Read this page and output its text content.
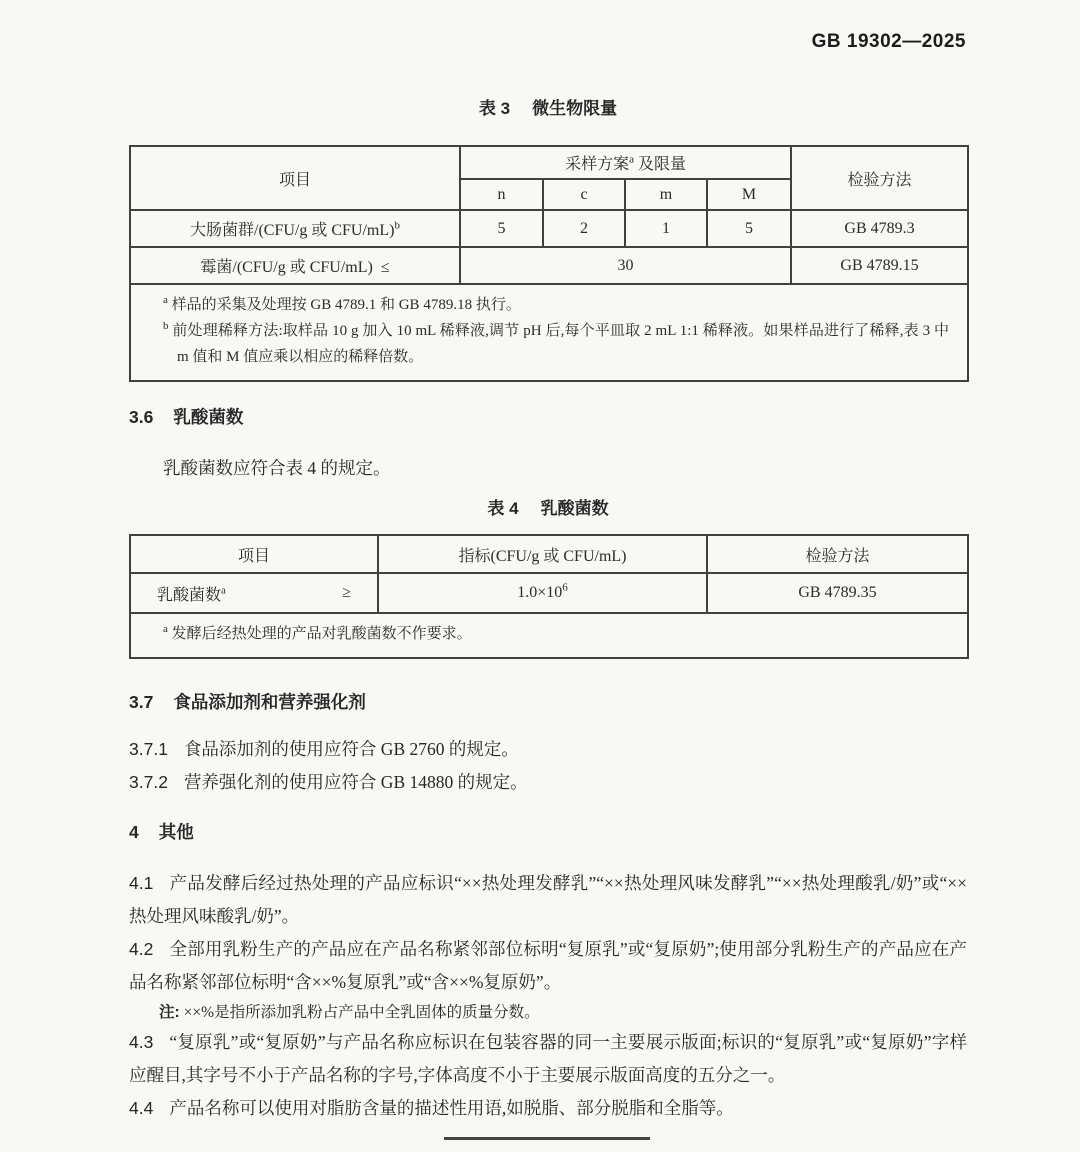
GB 19302—2025
表 3 微生物限量
项目	采样方案$^a$ 及限量				检验方法
	n	c	m	M	
大肠菌群/(CFU/g 或 CFU/mL)$^b$	5	2	1	5	GB 4789.3
霉菌/(CFU/g 或 CFU/mL) ≤	30				GB 4789.15

$^a$ 样品的采集及处理按 GB 4789.1 和 GB 4789.18 执行。
$^b$ 前处理稀释方法:取样品 10 g 加入 10 mL 稀释液,调节 pH 后,每个平皿取 2 mL 1:1 稀释液。如果样品进行了稀释,表 3 中 m 值和 M 值应乘以相应的稀释倍数。					
3.6 乳酸菌数

乳酸菌数应符合表 4 的规定。

表 4 乳酸菌数
项目	指标(CFU/g 或 CFU/mL)	检验方法

乳酸菌数$^a$ ≥	$1.0\times 10^6$	GB 4789.35

$^a$ 发酵后经热处理的产品对乳酸菌数不作要求。		
3.7 食品添加剂和营养强化剂

3.7.1 食品添加剂的使用应符合 GB 2760 的规定。

3.7.2 营养强化剂的使用应符合 GB 14880 的规定。

4 其他

4.1 产品发酵后经过热处理的产品应标识“××热处理发酵乳”“××热处理风味发酵乳”“××热处理酸乳/奶”或“××热处理风味酸乳/奶”。

4.2 全部用乳粉生产的产品应在产品名称紧邻部位标明“复原乳”或“复原奶”;使用部分乳粉生产的产品应在产品名称紧邻部位标明“含××%复原乳”或“含××%复原奶”。

注: ××%是指所添加乳粉占产品中全乳固体的质量分数。

4.3 “复原乳”或“复原奶”与产品名称应标识在包装容器的同一主要展示版面;标识的“复原乳”或“复原奶”字样应醒目,其字号不小于产品名称的字号,字体高度不小于主要展示版面高度的五分之一。

4.4 产品名称可以使用对脂肪含量的描述性用语,如脱脂、部分脱脂和全脂等。
